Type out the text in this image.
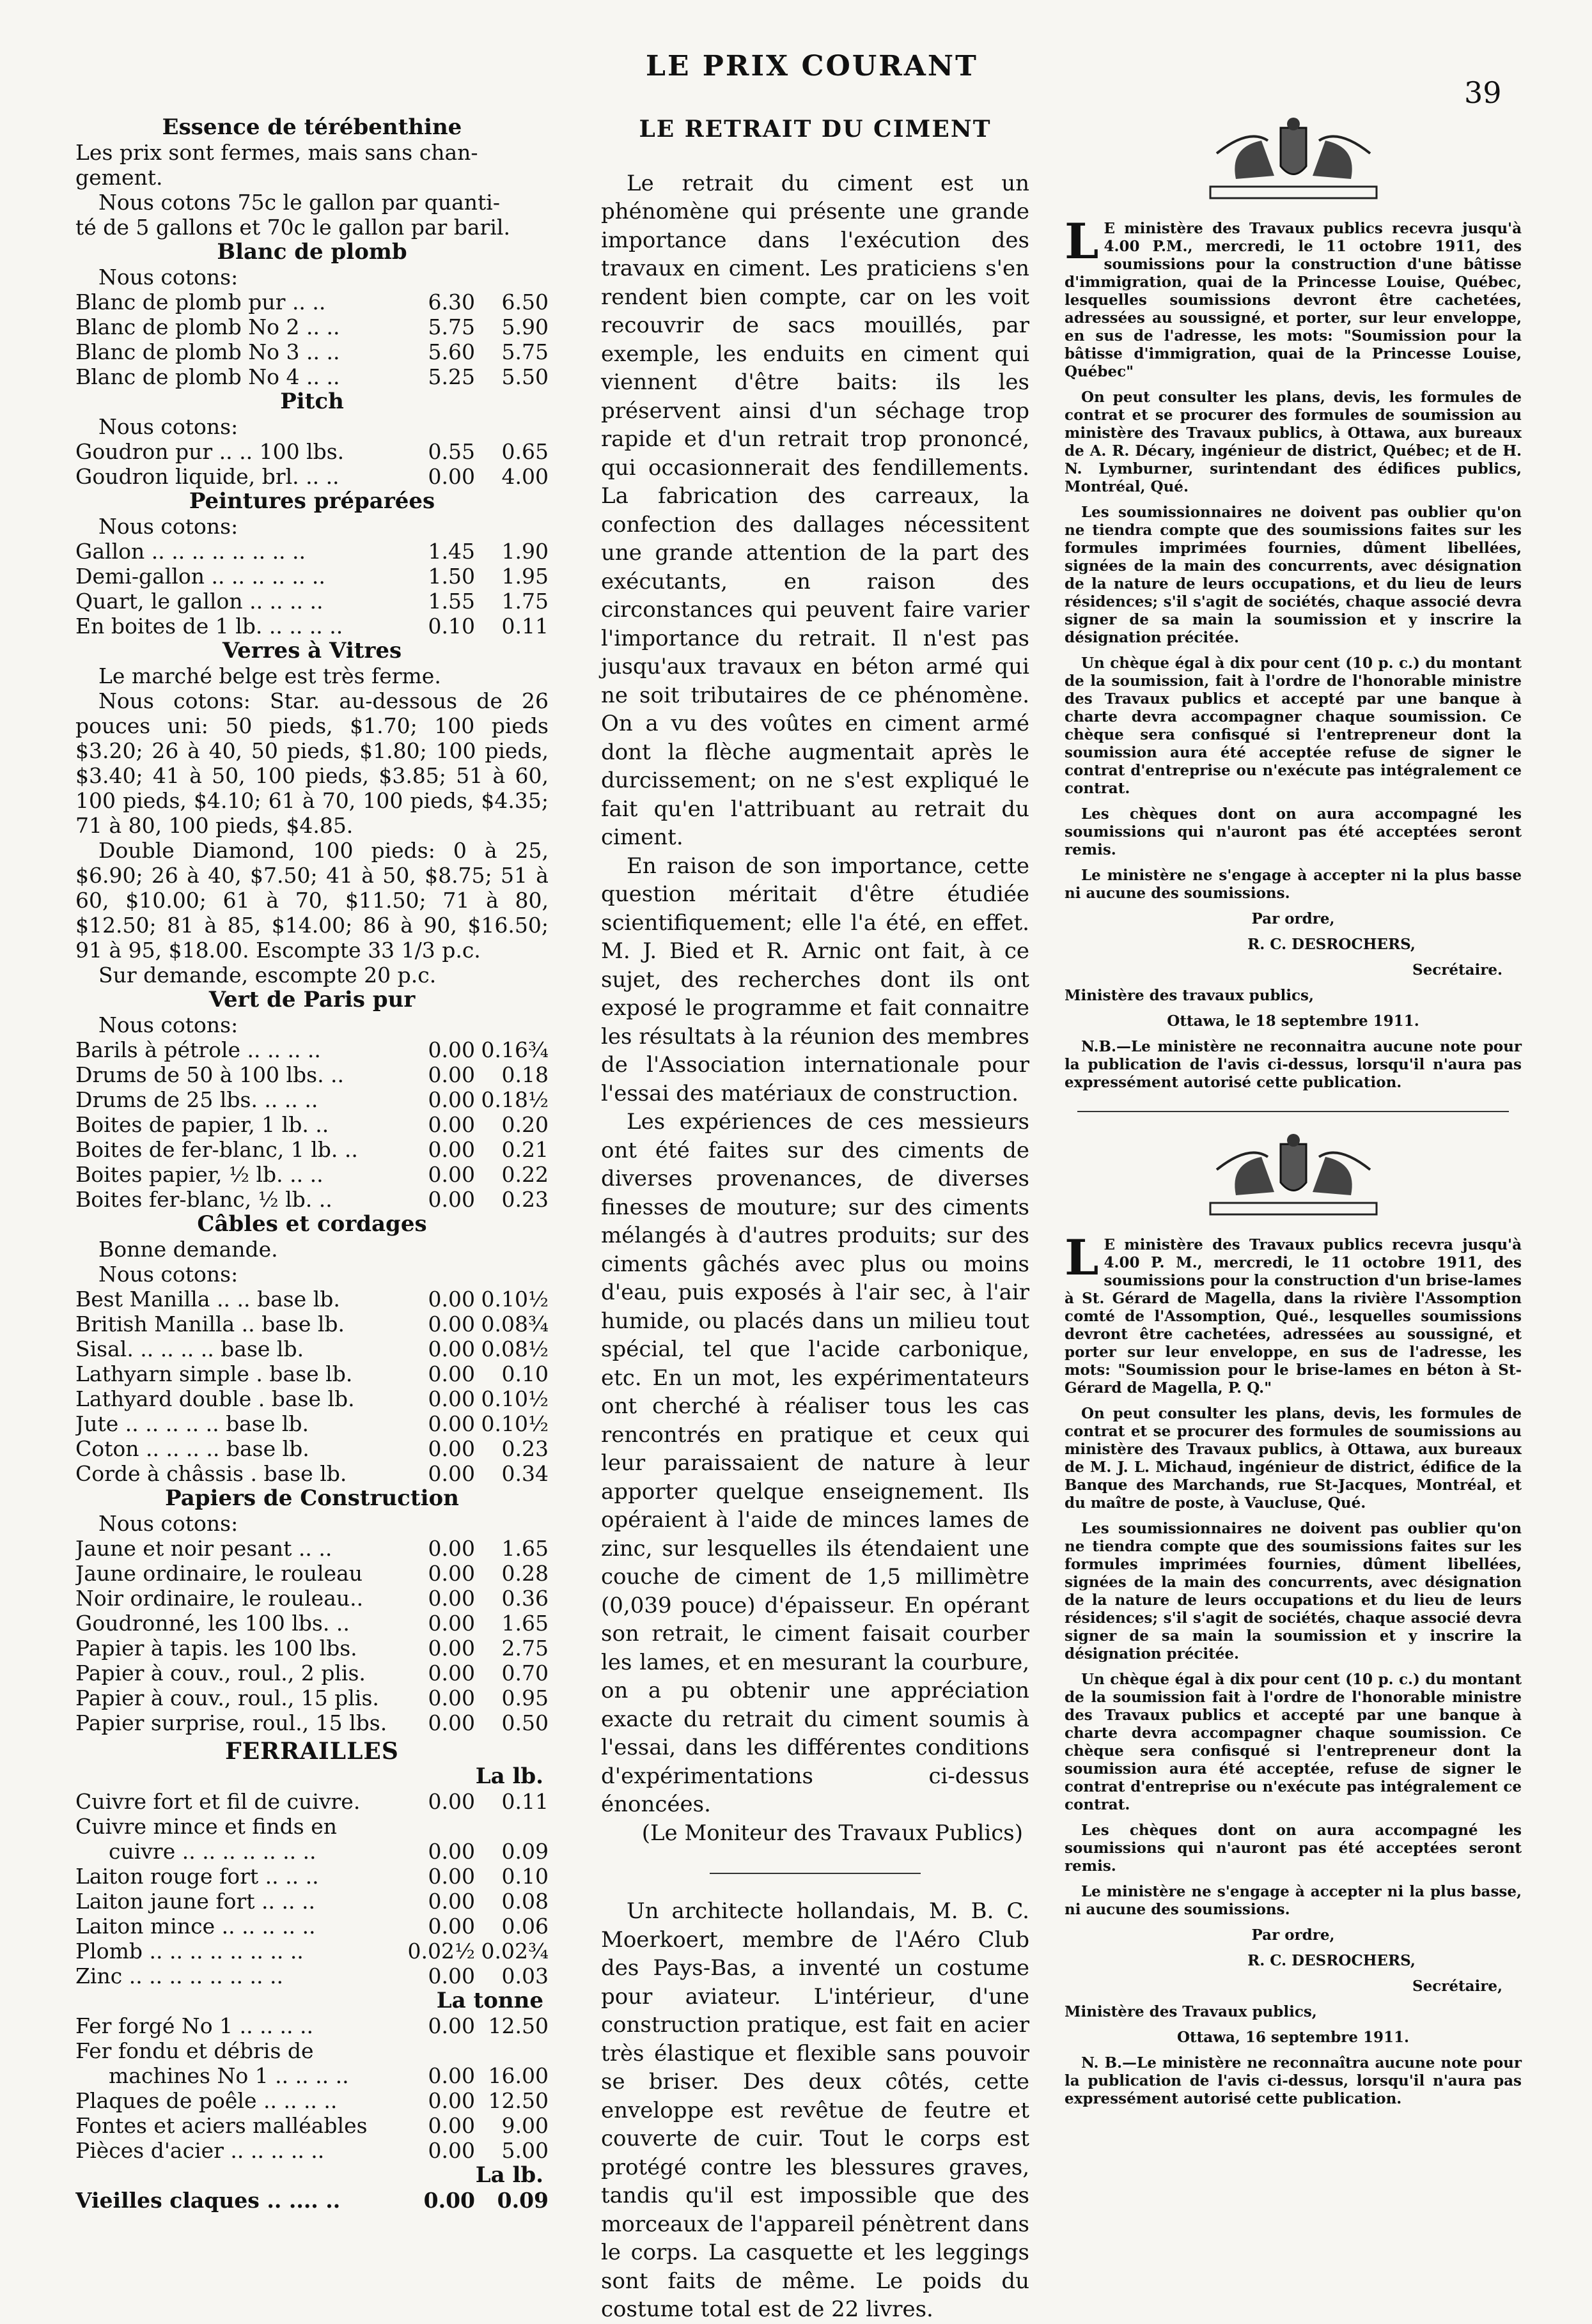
LE PRIX COURANT
39

Essence de térébenthine

Les prix sont fermes, mais sans chan-

gement.

Nous cotons 75c le gallon par quanti-

té de 5 gallons et 70c le gallon par baril.

Blanc de plomb

Nous cotons:

Blanc de plomb pur .. ..	6.30	6.50
Blanc de plomb No 2 .. ..	5.75	5.90
Blanc de plomb No 3 .. ..	5.60	5.75
Blanc de plomb No 4 .. ..	5.25	5.50

Pitch

Nous cotons:

Goudron pur .. .. 100 lbs.	0.55	0.65
Goudron liquide, brl. .. ..	0.00	4.00

Peintures préparées

Nous cotons:

Gallon .. .. .. .. .. .. .. ..	1.45	1.90
Demi-gallon .. .. .. .. .. ..	1.50	1.95
Quart, le gallon .. .. .. ..	1.55	1.75
En boites de 1 lb. .. .. .. ..	0.10	0.11

Verres à Vitres

Le marché belge est très ferme.

Nous cotons: Star. au-dessous de 26 pouces uni: 50 pieds, $1.70; 100 pieds $3.20; 26 à 40, 50 pieds, $1.80; 100 pieds, $3.40; 41 à 50, 100 pieds, $3.85; 51 à 60, 100 pieds, $4.10; 61 à 70, 100 pieds, $4.35; 71 à 80, 100 pieds, $4.85.

Double Diamond, 100 pieds: 0 à 25, $6.90; 26 à 40, $7.50; 41 à 50, $8.75; 51 à 60, $10.00; 61 à 70, $11.50; 71 à 80, $12.50; 81 à 85, $14.00; 86 à 90, $16.50; 91 à 95, $18.00. Escompte 33 1/3 p.c.

Sur demande, escompte 20 p.c.

Vert de Paris pur

Nous cotons:

Barils à pétrole .. .. .. ..	0.00 0.16¾
Drums de 50 à 100 lbs. ..	0.00	0.18
Drums de 25 lbs. .. .. ..	0.00 0.18½
Boites de papier, 1 lb. ..	0.00	0.20
Boites de fer-blanc, 1 lb. ..	0.00	0.21
Boites papier, ½ lb. .. ..	0.00	0.22
Boites fer-blanc, ½ lb. ..	0.00	0.23

Câbles et cordages

Bonne demande.

Nous cotons:

Best Manilla .. .. base lb.	0.00 0.10½
British Manilla .. base lb.	0.00 0.08¾
Sisal. .. .. .. .. base lb.	0.00 0.08½
Lathyarn simple . base lb.	0.00	0.10
Lathyard double . base lb.	0.00 0.10½
Jute .. .. .. .. .. base lb.	0.00 0.10½
Coton .. .. .. .. base lb.	0.00	0.23
Corde à châssis . base lb.	0.00	0.34

Papiers de Construction

Nous cotons:

Jaune et noir pesant .. ..	0.00	1.65
Jaune ordinaire, le rouleau	0.00	0.28
Noir ordinaire, le rouleau..	0.00	0.36
Goudronné, les 100 lbs. ..	0.00	1.65
Papier à tapis. les 100 lbs.	0.00	2.75
Papier à couv., roul., 2 plis.	0.00	0.70
Papier à couv., roul., 15 plis.	0.00	0.95
Papier surprise, roul., 15 lbs.	0.00	0.50

FERRAILLES

La lb.

Cuivre fort et fil de cuivre.	0.00	0.11
Cuivre mince et finds en
cuivre .. .. .. .. .. .. ..	0.00	0.09
Laiton rouge fort .. .. ..	0.00	0.10
Laiton jaune fort .. .. ..	0.00	0.08
Laiton mince .. .. .. .. ..	0.00	0.06
Plomb .. .. .. .. .. .. .. ..	0.02½ 0.02¾
Zinc .. .. .. .. .. .. .. ..	0.00	0.03

La tonne

Fer forgé No 1 .. .. .. ..	0.00 12.50
Fer fondu et débris de
machines No 1 .. .. .. ..	0.00 16.00
Plaques de poêle .. .. .. ..	0.00 12.50
Fontes et aciers malléables	0.00	9.00
Pièces d'acier .. .. .. .. ..	0.00	5.00

La lb.

Vieilles claques .. .... ..	0.00	0.09
LE RETRAIT DU CIMENT

Le retrait du ciment est un phénomène qui présente une grande importance dans l'exécution des travaux en ciment. Les praticiens s'en rendent bien compte, car on les voit recouvrir de sacs mouillés, par exemple, les enduits en ciment qui viennent d'être baits: ils les préservent ainsi d'un séchage trop rapide et d'un retrait trop prononcé, qui occasionnerait des fendillements. La fabrication des carreaux, la confection des dallages nécessitent une grande attention de la part des exécutants, en raison des circonstances qui peuvent faire varier l'importance du retrait. Il n'est pas jusqu'aux travaux en béton armé qui ne soit tributaires de ce phénomène. On a vu des voûtes en ciment armé dont la flèche augmentait après le durcissement; on ne s'est expliqué le fait qu'en l'attribuant au retrait du ciment.

En raison de son importance, cette question méritait d'être étudiée scientifiquement; elle l'a été, en effet. M. J. Bied et R. Arnic ont fait, à ce sujet, des recherches dont ils ont exposé le programme et fait connaitre les résultats à la réunion des membres de l'Association internationale pour l'essai des matériaux de construction.

Les expériences de ces messieurs ont été faites sur des ciments de diverses provenances, de diverses finesses de mouture; sur des ciments mélangés à d'autres produits; sur des ciments gâchés avec plus ou moins d'eau, puis exposés à l'air sec, à l'air humide, ou placés dans un milieu tout spécial, tel que l'acide carbonique, etc. En un mot, les expérimentateurs ont cherché à réaliser tous les cas rencontrés en pratique et ceux qui leur paraissaient de nature à leur apporter quelque enseignement. Ils opéraient à l'aide de minces lames de zinc, sur lesquelles ils étendaient une couche de ciment de 1,5 millimètre (0,039 pouce) d'épaisseur. En opérant son retrait, le ciment faisait courber les lames, et en mesurant la courbure, on a pu obtenir une appréciation exacte du retrait du ciment soumis à l'essai, dans les différentes conditions d'expérimentations ci-dessus énoncées.

(Le Moniteur des Travaux Publics)

Un architecte hollandais, M. B. C. Moerkoert, membre de l'Aéro Club des Pays-Bas, a inventé un costume pour aviateur. L'intérieur, d'une construction pratique, est fait en acier très élastique et flexible sans pouvoir se briser. Des deux côtés, cette enveloppe est revêtue de feutre et couverte de cuir. Tout le corps est protégé contre les blessures graves, tandis qu'il est impossible que des morceaux de l'appareil pénètrent dans le corps. La casquette et les leggings sont faits de même. Le poids du costume total est de 22 livres.

L E ministère des Travaux publics recevra jusqu'à 4.00 P.M., mercredi, le 11 octobre 1911, des soumissions pour la construction d'une bâtisse d'immigration, quai de la Princesse Louise, Québec, lesquelles soumissions devront être cachetées, adressées au soussigné, et porter, sur leur enveloppe, en sus de l'adresse, les mots: "Soumission pour la bâtisse d'immigration, quai de la Princesse Louise, Québec"

On peut consulter les plans, devis, les formules de contrat et se procurer des formules de soumission au ministère des Travaux publics, à Ottawa, aux bureaux de A. R. Décary, ingénieur de district, Québec; et de H. N. Lymburner, surintendant des édifices publics, Montréal, Qué.

Les soumissionnaires ne doivent pas oublier qu'on ne tiendra compte que des soumissions faites sur les formules imprimées fournies, dûment libellées, signées de la main des concurrents, avec désignation de la nature de leurs occupations, et du lieu de leurs résidences; s'il s'agit de sociétés, chaque associé devra signer de sa main la soumission et y inscrire la désignation précitée.

Un chèque égal à dix pour cent (10 p. c.) du montant de la soumission, fait à l'ordre de l'honorable ministre des Travaux publics et accepté par une banque à charte devra accompagner chaque soumission. Ce chèque sera confisqué si l'entrepreneur dont la soumission aura été acceptée refuse de signer le contrat d'entreprise ou n'exécute pas intégralement ce contrat.

Les chèques dont on aura accompagné les soumissions qui n'auront pas été acceptées seront remis.

Le ministère ne s'engage à accepter ni la plus basse ni aucune des soumissions.

Par ordre,

R. C. DESROCHERS,

Secrétaire.

Ministère des travaux publics,

Ottawa, le 18 septembre 1911.

N.B.—Le ministère ne reconnaitra aucune note pour la publication de l'avis ci-dessus, lorsqu'il n'aura pas expressément autorisé cette publication.

L E ministère des Travaux publics recevra jusqu'à 4.00 P. M., mercredi, le 11 octobre 1911, des soumissions pour la construction d'un brise-lames à St. Gérard de Magella, dans la rivière l'Assomption comté de l'Assomption, Qué., lesquelles soumissions devront être cachetées, adressées au soussigné, et porter sur leur enveloppe, en sus de l'adresse, les mots: "Soumission pour le brise-lames en béton à St-Gérard de Magella, P. Q."

On peut consulter les plans, devis, les formules de contrat et se procurer des formules de soumissions au ministère des Travaux publics, à Ottawa, aux bureaux de M. J. L. Michaud, ingénieur de district, édifice de la Banque des Marchands, rue St-Jacques, Montréal, et du maître de poste, à Vaucluse, Qué.

Les soumissionnaires ne doivent pas oublier qu'on ne tiendra compte que des soumissions faites sur les formules imprimées fournies, dûment libellées, signées de la main des concurrents, avec désignation de la nature de leurs occupations et du lieu de leurs résidences; s'il s'agit de sociétés, chaque associé devra signer de sa main la soumission et y inscrire la désignation précitée.

Un chèque égal à dix pour cent (10 p. c.) du montant de la soumission fait à l'ordre de l'honorable ministre des Travaux publics et accepté par une banque à charte devra accompagner chaque soumission. Ce chèque sera confisqué si l'entrepreneur dont la soumission aura été acceptée, refuse de signer le contrat d'entreprise ou n'exécute pas intégralement ce contrat.

Les chèques dont on aura accompagné les soumissions qui n'auront pas été acceptées seront remis.

Le ministère ne s'engage à accepter ni la plus basse, ni aucune des soumissions.

Par ordre,

R. C. DESROCHERS,

Secrétaire,

Ministère des Travaux publics,

Ottawa, 16 septembre 1911.

N. B.—Le ministère ne reconnaîtra aucune note pour la publication de l'avis ci-dessus, lorsqu'il n'aura pas expressément autorisé cette publication.
